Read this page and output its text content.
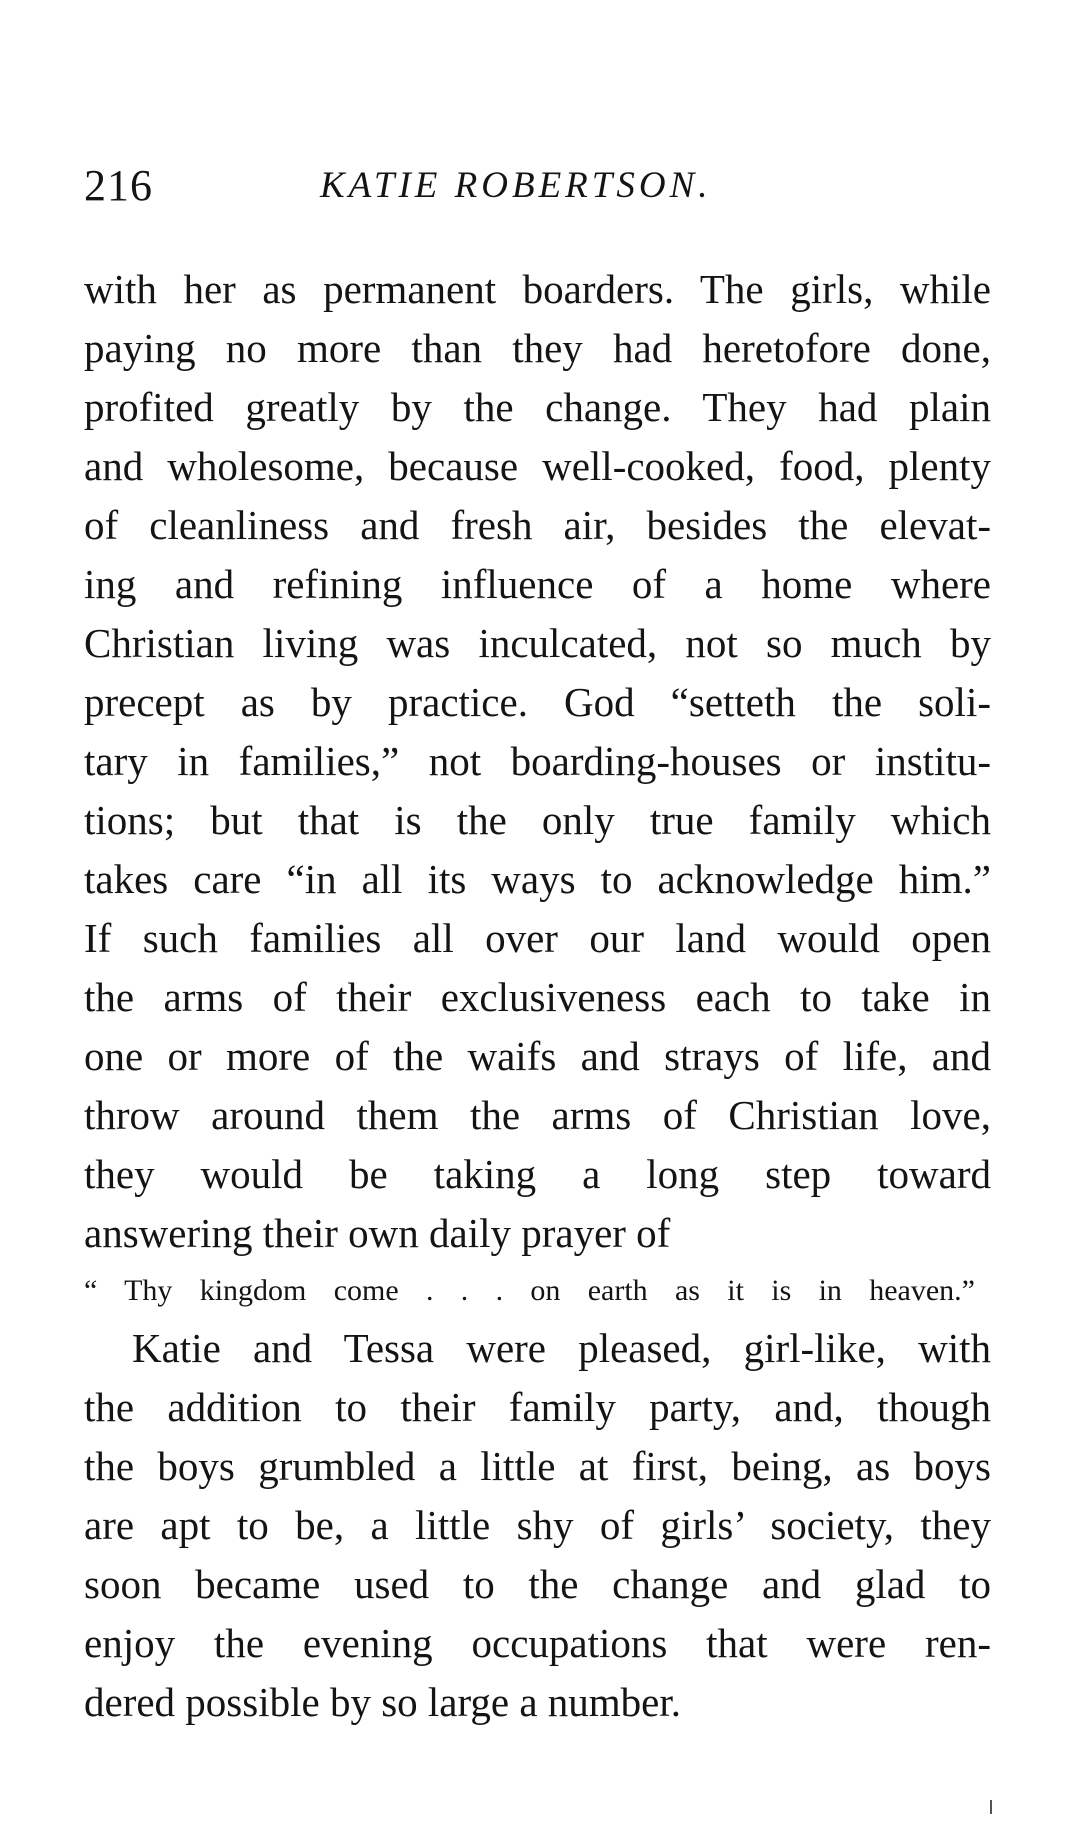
216	KATIE ROBERTSON.
with her as permanent boarders. The girls, while
paying no more than they had heretofore done,
profited greatly by the change. They had plain
and wholesome, because well-cooked, food, plenty
of cleanliness and fresh air, besides the elevat-
ing and refining influence of a home where
Christian living was inculcated, not so much by
precept as by practice. God “setteth the soli-
tary in families,” not boarding-houses or institu-
tions; but that is the only true family which
takes care “in all its ways to acknowledge him.”
If such families all over our land would open
the arms of their exclusiveness each to take in
one or more of the waifs and strays of life, and
throw around them the arms of Christian love,
they would be taking a long step toward
answering their own daily prayer of
“ Thy kingdom come . . . on earth as it is in heaven.”
Katie and Tessa were pleased, girl-like, with
the addition to their family party, and, though
the boys grumbled a little at first, being, as boys
are apt to be, a little shy of girls’ society, they
soon became used to the change and glad to
enjoy the evening occupations that were ren-
dered possible by so large a number.
